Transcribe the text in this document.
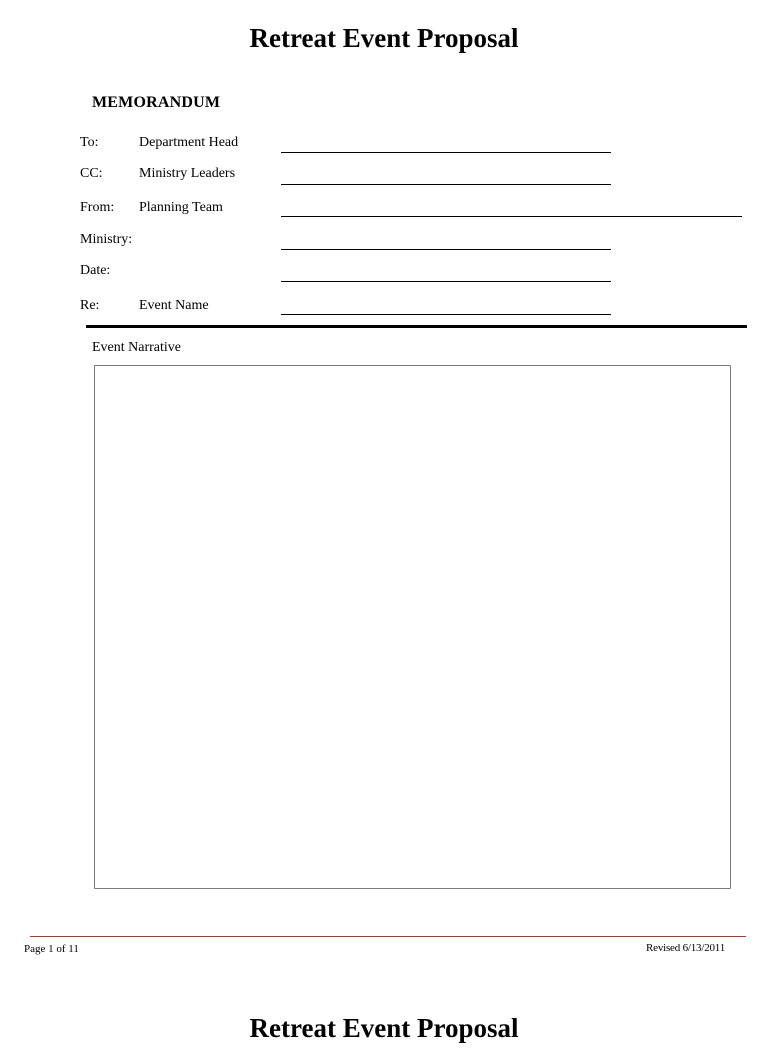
Retreat Event Proposal
MEMORANDUM
To:	Department Head
CC:	Ministry Leaders
From: Planning Team
Ministry:
Date:
Re:	Event Name
Event Narrative
Page 1 of 11	Revised 6/13/2011
Retreat Event Proposal
